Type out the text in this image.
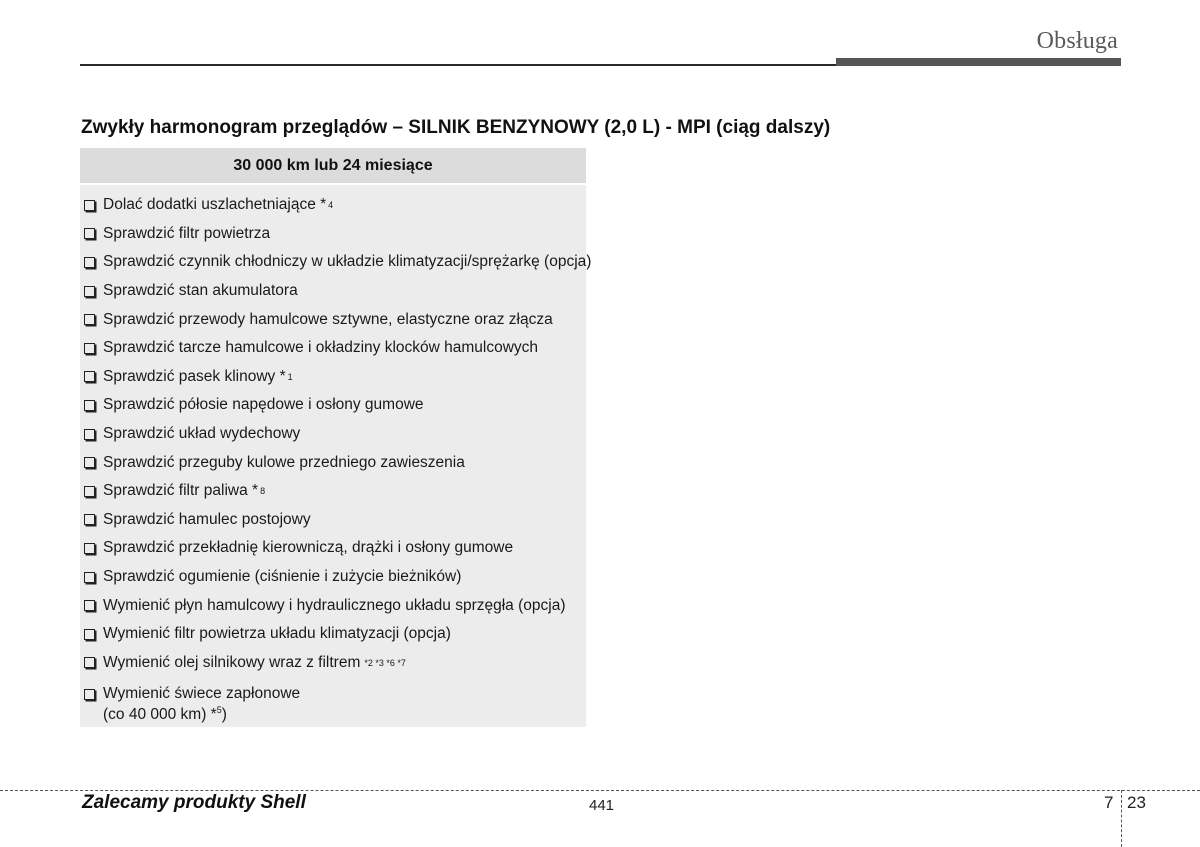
Obsługa
Zwykły harmonogram przeglądów – SILNIK BENZYNOWY (2,0 L) - MPI (ciąg dalszy)
30 000 km lub 24 miesiące
Dolać dodatki uszlachetniające * 4
Sprawdzić filtr powietrza
Sprawdzić czynnik chłodniczy w układzie klimatyzacji/sprężarkę (opcja)
Sprawdzić stan akumulatora
Sprawdzić przewody hamulcowe sztywne, elastyczne oraz złącza
Sprawdzić tarcze hamulcowe i okładziny klocków hamulcowych
Sprawdzić pasek klinowy * 1
Sprawdzić półosie napędowe i osłony gumowe
Sprawdzić układ wydechowy
Sprawdzić przeguby kulowe przedniego zawieszenia
Sprawdzić filtr paliwa * 8
Sprawdzić hamulec postojowy
Sprawdzić przekładnię kierowniczą, drążki i osłony gumowe
Sprawdzić ogumienie (ciśnienie i zużycie bieżników)
Wymienić płyn hamulcowy i hydraulicznego układu sprzęgła (opcja)
Wymienić filtr powietrza układu klimatyzacji (opcja)
Wymienić olej silnikowy wraz z filtrem *2 *3 *6 *7
Wymienić świece zapłonowe
(co 40 000 km) *$^5$)
Zalecamy produkty Shell	441	7 23
